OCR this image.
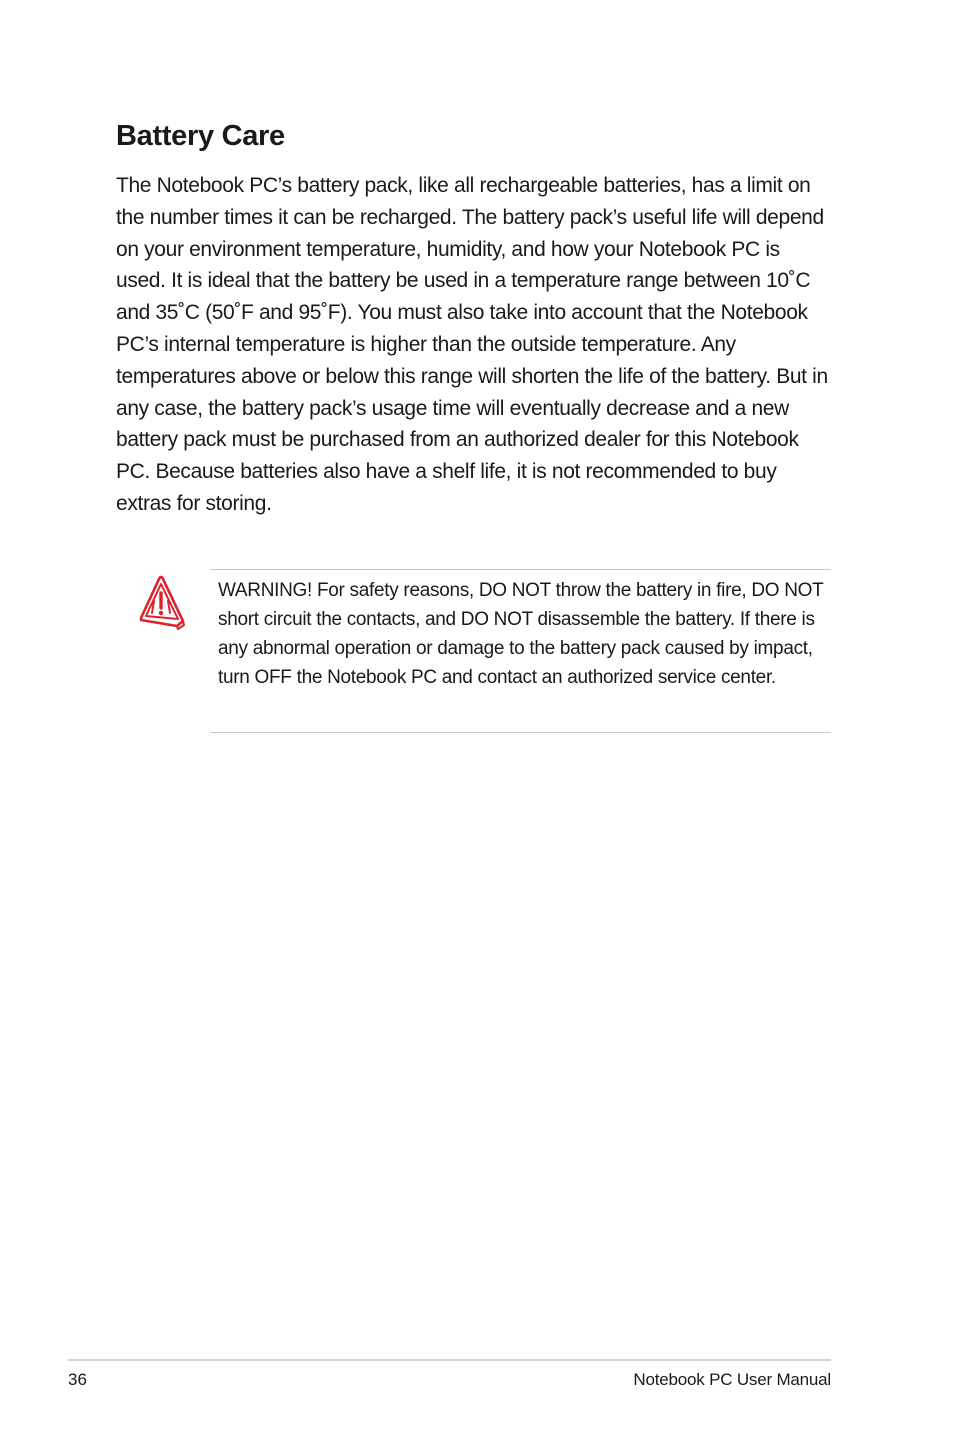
Battery Care

The Notebook PC’s battery pack, like all rechargeable batteries, has a limit on the number times it can be recharged. The battery pack’s useful life will depend on your environment temperature, humidity, and how your Notebook PC is used. It is ideal that the battery be used in a temperature range between 10˚C and 35˚C (50˚F and 95˚F). You must also take into account that the Notebook PC’s internal temperature is higher than the outside temperature. Any temperatures above or below this range will shorten the life of the battery. But in any case, the battery pack’s usage time will eventually decrease and a new battery pack must be purchased from an authorized dealer for this Notebook PC. Because batteries also have a shelf life, it is not recommended to buy extras for storing.

WARNING! For safety reasons, DO NOT throw the battery in fire, DO NOT short circuit the contacts, and DO NOT disassemble the battery. If there is any abnormal operation or damage to the battery pack caused by impact, turn OFF the Notebook PC and contact an authorized service center.

36	Notebook PC User Manual
